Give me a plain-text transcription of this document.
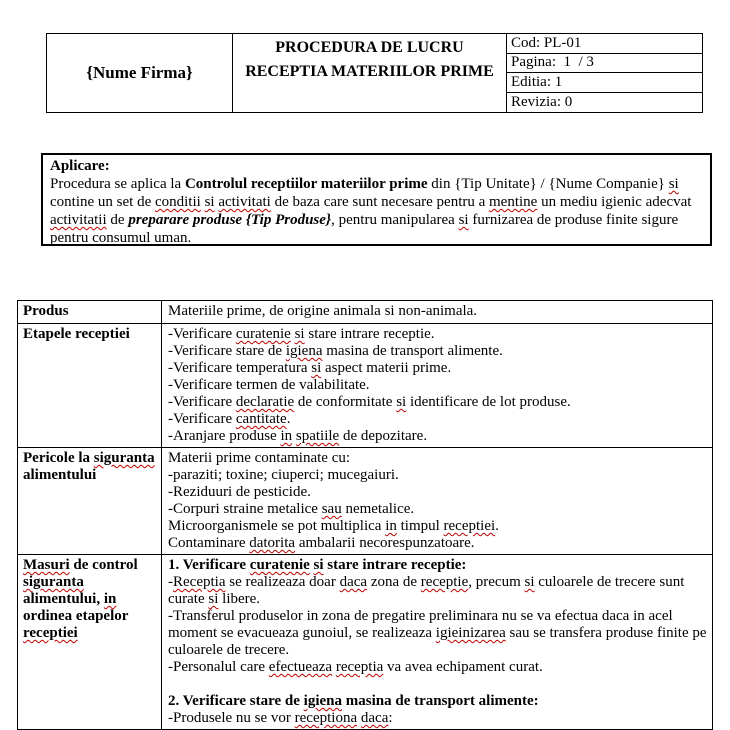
{Nume Firma}
PROCEDURA DE LUCRU
RECEPTIA MATERIILOR PRIME
Cod: PL-01
Pagina:  1  / 3
Editia: 1
Revizia: 0
Aplicare:
Procedura se aplica la Controlul receptiilor materiilor prime din {Tip Unitate} / {Nume Companie} si contine un set de conditii si activitati de baza care sunt necesare pentru a mentine un mediu igienic adecvat activitatii de preparare produse {Tip Produse}, pentru manipularea si furnizarea de produse finite sigure pentru consumul uman.
Produs	Materiile prime, de origine animala si non-animala.
Etapele receptiei	-Verificare curatenie si stare intrare receptie.
-Verificare stare de igiena masina de transport alimente.
-Verificare temperatura si aspect materii prime.
-Verificare termen de valabilitate.
-Verificare declaratie de conformitate si identificare de lot produse.
-Verificare cantitate.
-Aranjare produse in spatiile de depozitare.
Pericole la siguranta alimentului
Materii prime contaminate cu:
-paraziti; toxine; ciuperci; mucegaiuri.
-Reziduuri de pesticide.
-Corpuri straine metalice sau nemetalice.
Microorganismele se pot multiplica in timpul receptiei.
Contaminare datorita ambalarii necorespunzatoare.
Masuri de control siguranta alimentului, in ordinea etapelor receptiei
1. Verificare curatenie si stare intrare receptie:
-Receptia se realizeaza doar daca zona de receptie, precum si culoarele de trecere sunt curate si libere.
-Transferul produselor in zona de pregatire preliminara nu se va efectua daca in acel moment se evacueaza gunoiul, se realizeaza igieinizarea sau se transfera produse finite pe culoarele de trecere.
-Personalul care efectueaza receptia va avea echipament curat.

2. Verificare stare de igiena masina de transport alimente:
-Produsele nu se vor receptiona daca:
